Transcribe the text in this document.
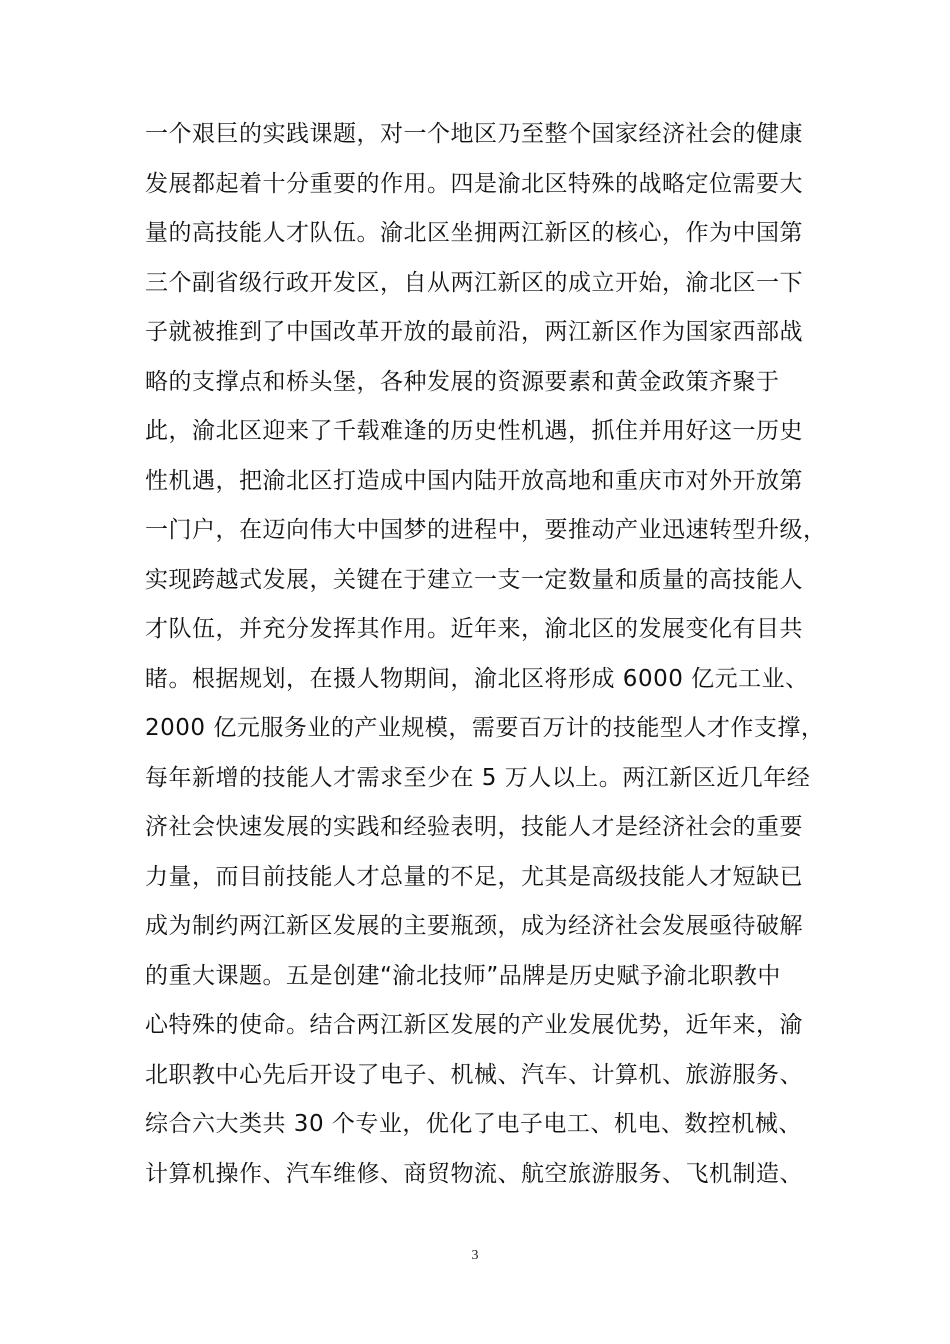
一个艰巨的实践课题，对一个地区乃至整个国家经济社会的健康
发展都起着十分重要的作用。四是渝北区特殊的战略定位需要大
量的高技能人才队伍。渝北区坐拥两江新区的核心，作为中国第
三个副省级行政开发区，自从两江新区的成立开始，渝北区一下
子就被推到了中国改革开放的最前沿，两江新区作为国家西部战
略的支撑点和桥头堡，各种发展的资源要素和黄金政策齐聚于
此，渝北区迎来了千载难逢的历史性机遇，抓住并用好这一历史
性机遇，把渝北区打造成中国内陆开放高地和重庆市对外开放第
一门户，在迈向伟大中国梦的进程中，要推动产业迅速转型升级，
实现跨越式发展，关键在于建立一支一定数量和质量的高技能人
才队伍，并充分发挥其作用。近年来，渝北区的发展变化有目共
睹。根据规划，在摄人物期间，渝北区将形成 6000 亿元工业、
2000 亿元服务业的产业规模，需要百万计的技能型人才作支撑，
每年新增的技能人才需求至少在 5 万人以上。两江新区近几年经
济社会快速发展的实践和经验表明，技能人才是经济社会的重要
力量，而目前技能人才总量的不足，尤其是高级技能人才短缺已
成为制约两江新区发展的主要瓶颈，成为经济社会发展亟待破解
的重大课题。五是创建“渝北技师”品牌是历史赋予渝北职教中
心特殊的使命。结合两江新区发展的产业发展优势，近年来，渝
北职教中心先后开设了电子、机械、汽车、计算机、旅游服务、
综合六大类共 30 个专业，优化了电子电工、机电、数控机械、
计算机操作、汽车维修、商贸物流、航空旅游服务、飞机制造、
3
